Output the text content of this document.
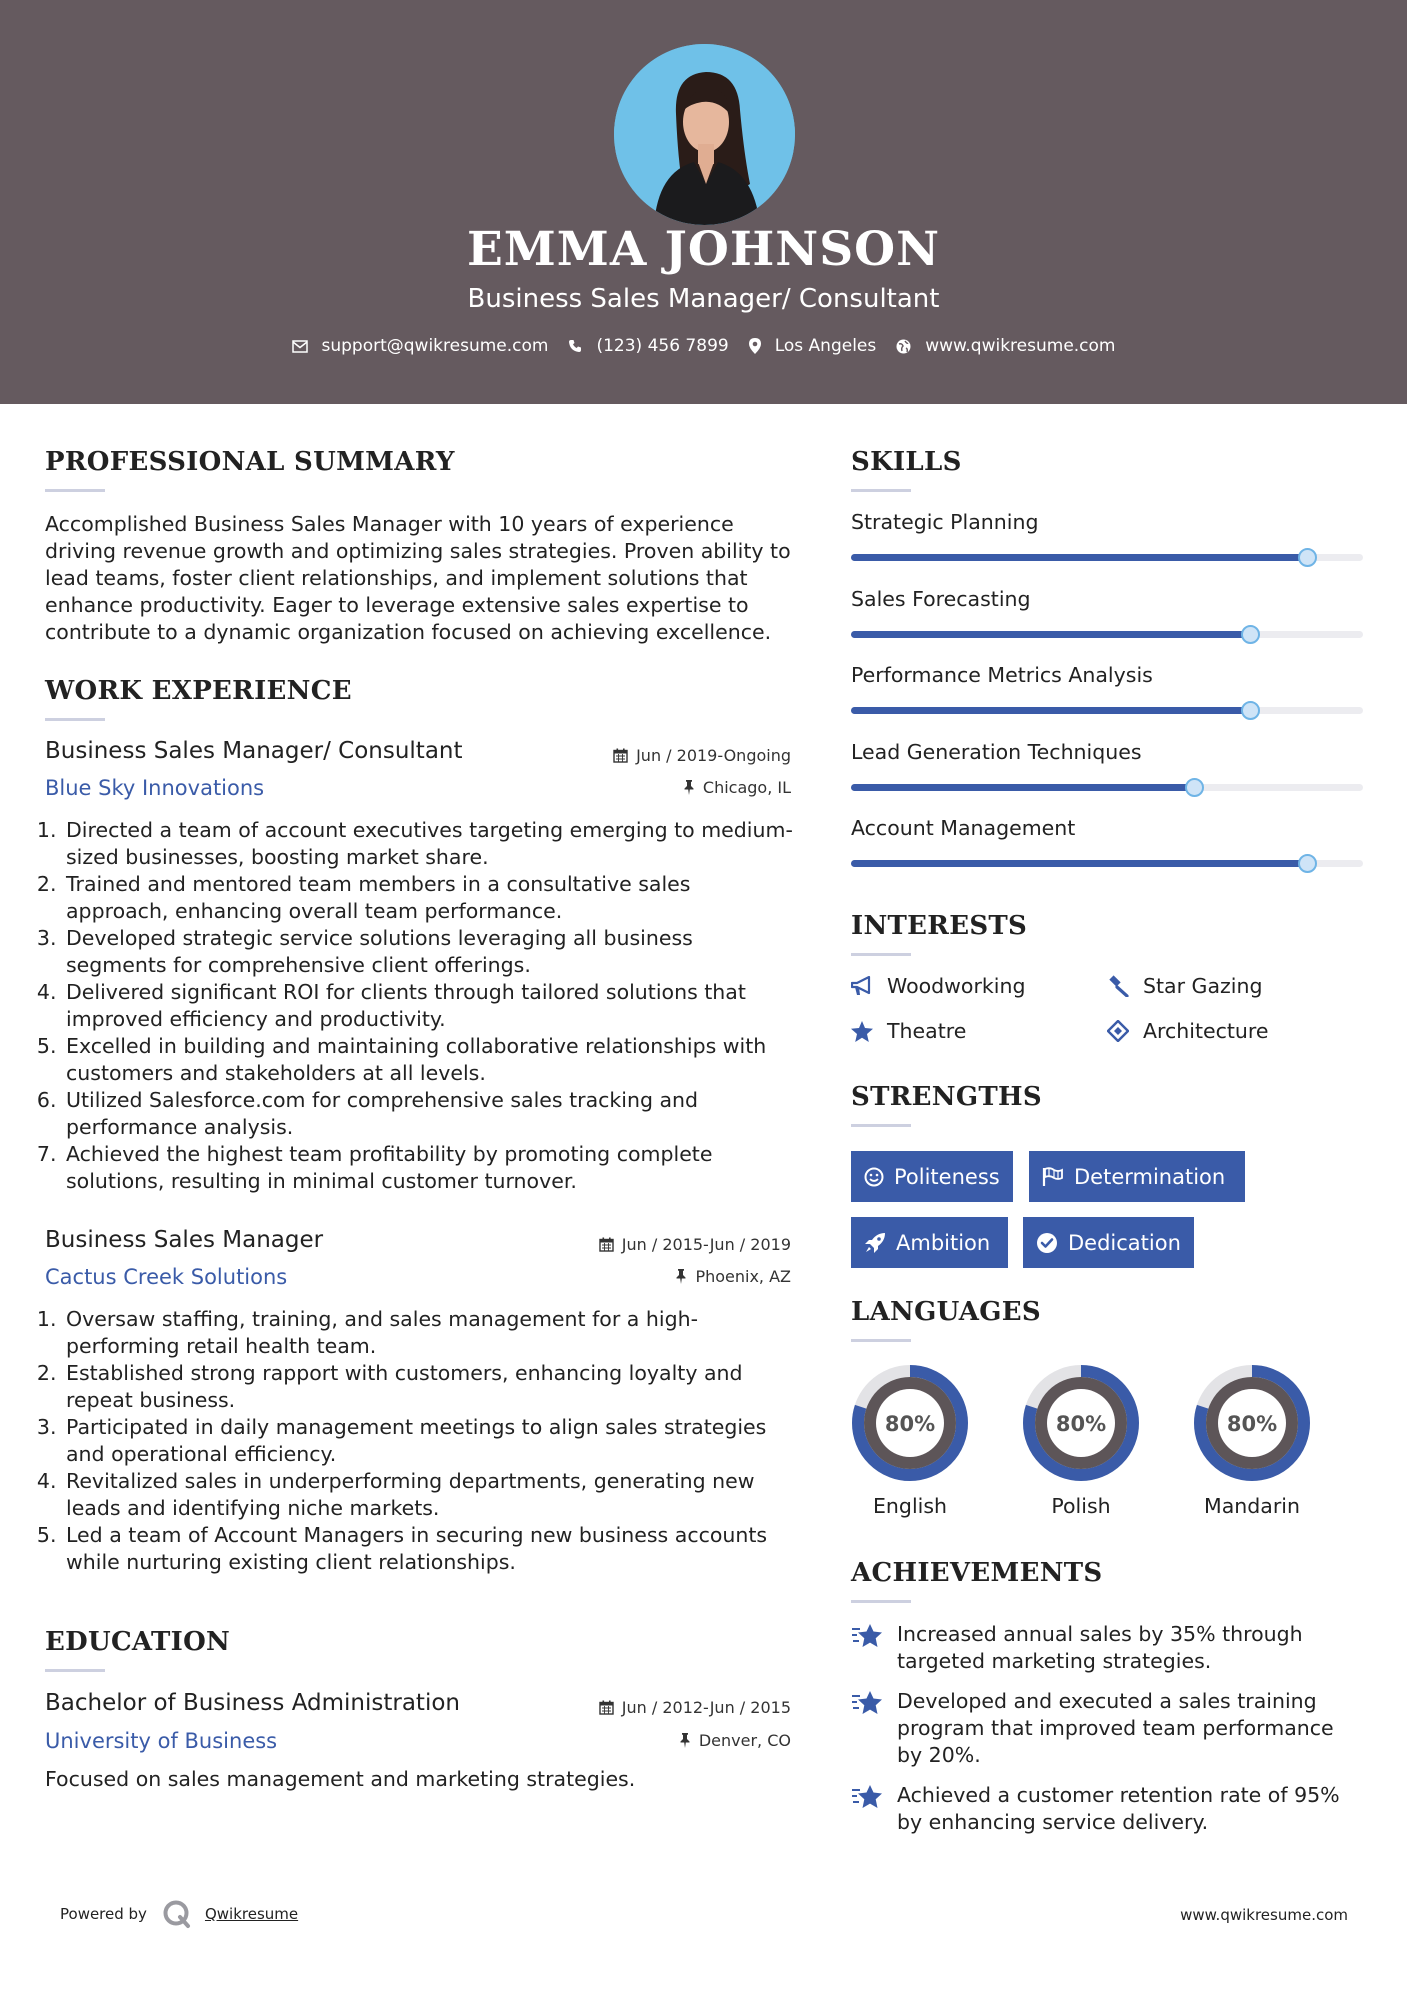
EMMA JOHNSON
Business Sales Manager/ Consultant
support@qwikresume.com	(123) 456 7899	Los Angeles	www.qwikresume.com
PROFESSIONAL SUMMARY
Accomplished Business Sales Manager with 10 years of experience driving revenue growth and optimizing sales strategies. Proven ability to lead teams, foster client relationships, and implement solutions that enhance productivity. Eager to leverage extensive sales expertise to contribute to a dynamic organization focused on achieving excellence.
WORK EXPERIENCE
Business Sales Manager/ Consultant	Jun / 2019-Ongoing
Blue Sky Innovations	Chicago, IL
1. Directed a team of account executives targeting emerging to medium-sized businesses, boosting market share.
2. Trained and mentored team members in a consultative sales approach, enhancing overall team performance.
3. Developed strategic service solutions leveraging all business segments for comprehensive client offerings.
4. Delivered significant ROI for clients through tailored solutions that improved efficiency and productivity.
5. Excelled in building and maintaining collaborative relationships with customers and stakeholders at all levels.
6. Utilized Salesforce.com for comprehensive sales tracking and performance analysis.
7. Achieved the highest team profitability by promoting complete solutions, resulting in minimal customer turnover.
Business Sales Manager	Jun / 2015-Jun / 2019
Cactus Creek Solutions	Phoenix, AZ
1. Oversaw staffing, training, and sales management for a high-performing retail health team.
2. Established strong rapport with customers, enhancing loyalty and repeat business.
3. Participated in daily management meetings to align sales strategies and operational efficiency.
4. Revitalized sales in underperforming departments, generating new leads and identifying niche markets.
5. Led a team of Account Managers in securing new business accounts while nurturing existing client relationships.
EDUCATION
Bachelor of Business Administration	Jun / 2012-Jun / 2015
University of Business	Denver, CO
Focused on sales management and marketing strategies.
SKILLS
Strategic Planning
Sales Forecasting
Performance Metrics Analysis
Lead Generation Techniques
Account Management
INTERESTS
Woodworking	Star Gazing
Theatre	Architecture
STRENGTHS
Politeness	Determination
Ambition	Dedication
LANGUAGES
80%
English
80%
Polish
80%
Mandarin
ACHIEVEMENTS
Increased annual sales by 35% through targeted marketing strategies.
Developed and executed a sales training program that improved team performance by 20%.
Achieved a customer retention rate of 95% by enhancing service delivery.
Powered by	Qwikresume	www.qwikresume.com
